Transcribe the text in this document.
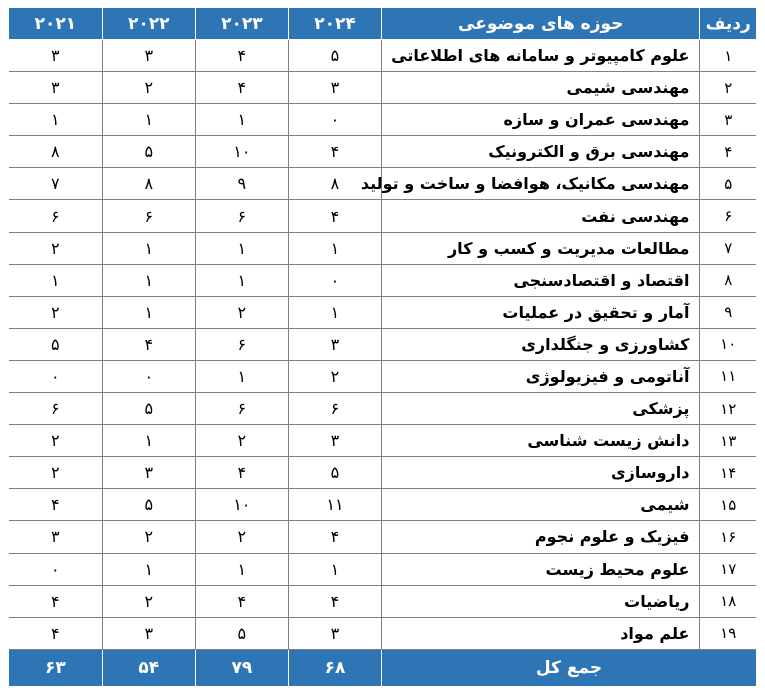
ردیف	حوزه های موضوعی	۲۰۲۴	۲۰۲۳	۲۰۲۲	۲۰۲۱
۱	علوم کامپیوتر و سامانه های اطلاعاتی	۵	۴	۳	۳
۲	مهندسی شیمی	۳	۴	۲	۳
۳	مهندسی عمران و سازه	۰	۱	۱	۱
۴	مهندسی برق و الکترونیک	۴	۱۰	۵	۸
۵	مهندسی مکانیک، هوافضا و ساخت و تولید	۸	۹	۸	۷
۶	مهندسی نفت	۴	۶	۶	۶
۷	مطالعات مدیریت و کسب و کار	۱	۱	۱	۲
۸	اقتصاد و اقتصادسنجی	۰	۱	۱	۱
۹	آمار و تحقیق در عملیات	۱	۲	۱	۲
۱۰	کشاورزی و جنگلداری	۳	۶	۴	۵
۱۱	آناتومی و فیزیولوژی	۲	۱	۰	۰
۱۲	پزشکی	۶	۶	۵	۶
۱۳	دانش زیست شناسی	۳	۲	۱	۲
۱۴	داروسازی	۵	۴	۳	۲
۱۵	شیمی	۱۱	۱۰	۵	۴
۱۶	فیزیک و علوم نجوم	۴	۲	۲	۳
۱۷	علوم محیط زیست	۱	۱	۱	۰
۱۸	ریاضیات	۴	۴	۲	۴
۱۹	علم مواد	۳	۵	۳	۴
جمع کل		۶۸	۷۹	۵۴	۶۳
